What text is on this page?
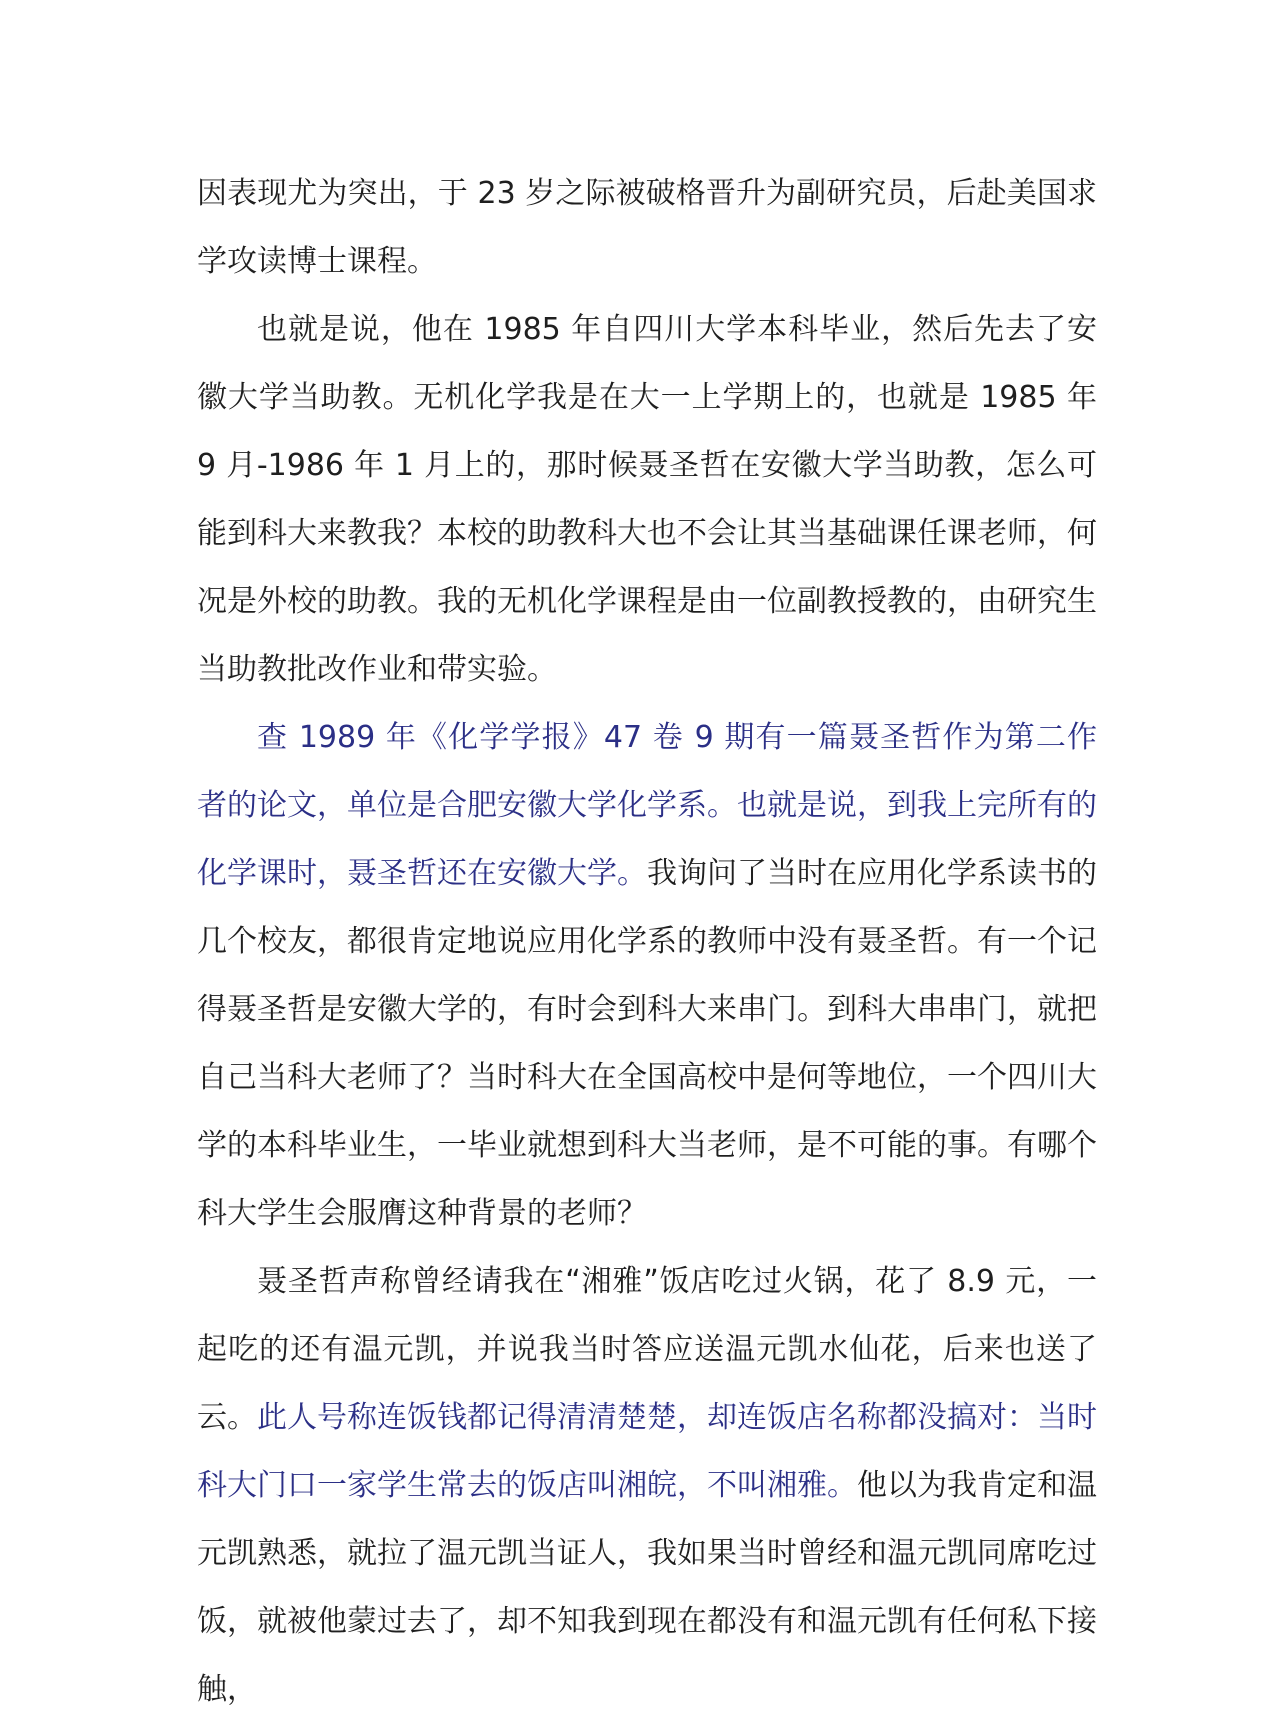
因表现尤为突出，于 23 岁之际被破格晋升为副研究员，后赴美国求学攻读博士课程。

也就是说，他在 1985 年自四川大学本科毕业，然后先去了安徽大学当助教。无机化学我是在大一上学期上的，也就是 1985 年 9 月-1986 年 1 月上的，那时候聂圣哲在安徽大学当助教，怎么可能到科大来教我？本校的助教科大也不会让其当基础课任课老师，何况是外校的助教。我的无机化学课程是由一位副教授教的，由研究生当助教批改作业和带实验。

查 1989 年《化学学报》47 卷 9 期有一篇聂圣哲作为第二作者的论文，单位是合肥安徽大学化学系。也就是说，到我上完所有的化学课时，聂圣哲还在安徽大学。我询问了当时在应用化学系读书的几个校友，都很肯定地说应用化学系的教师中没有聂圣哲。有一个记得聂圣哲是安徽大学的，有时会到科大来串门。到科大串串门，就把自己当科大老师了？当时科大在全国高校中是何等地位，一个四川大学的本科毕业生，一毕业就想到科大当老师，是不可能的事。有哪个科大学生会服膺这种背景的老师？

聂圣哲声称曾经请我在“湘雅”饭店吃过火锅，花了 8.9 元，一起吃的还有温元凯，并说我当时答应送温元凯水仙花，后来也送了云。此人号称连饭钱都记得清清楚楚，却连饭店名称都没搞对：当时科大门口一家学生常去的饭店叫湘皖，不叫湘雅。他以为我肯定和温元凯熟悉，就拉了温元凯当证人，我如果当时曾经和温元凯同席吃过饭，就被他蒙过去了，却不知我到现在都没有和温元凯有任何私下接触，
